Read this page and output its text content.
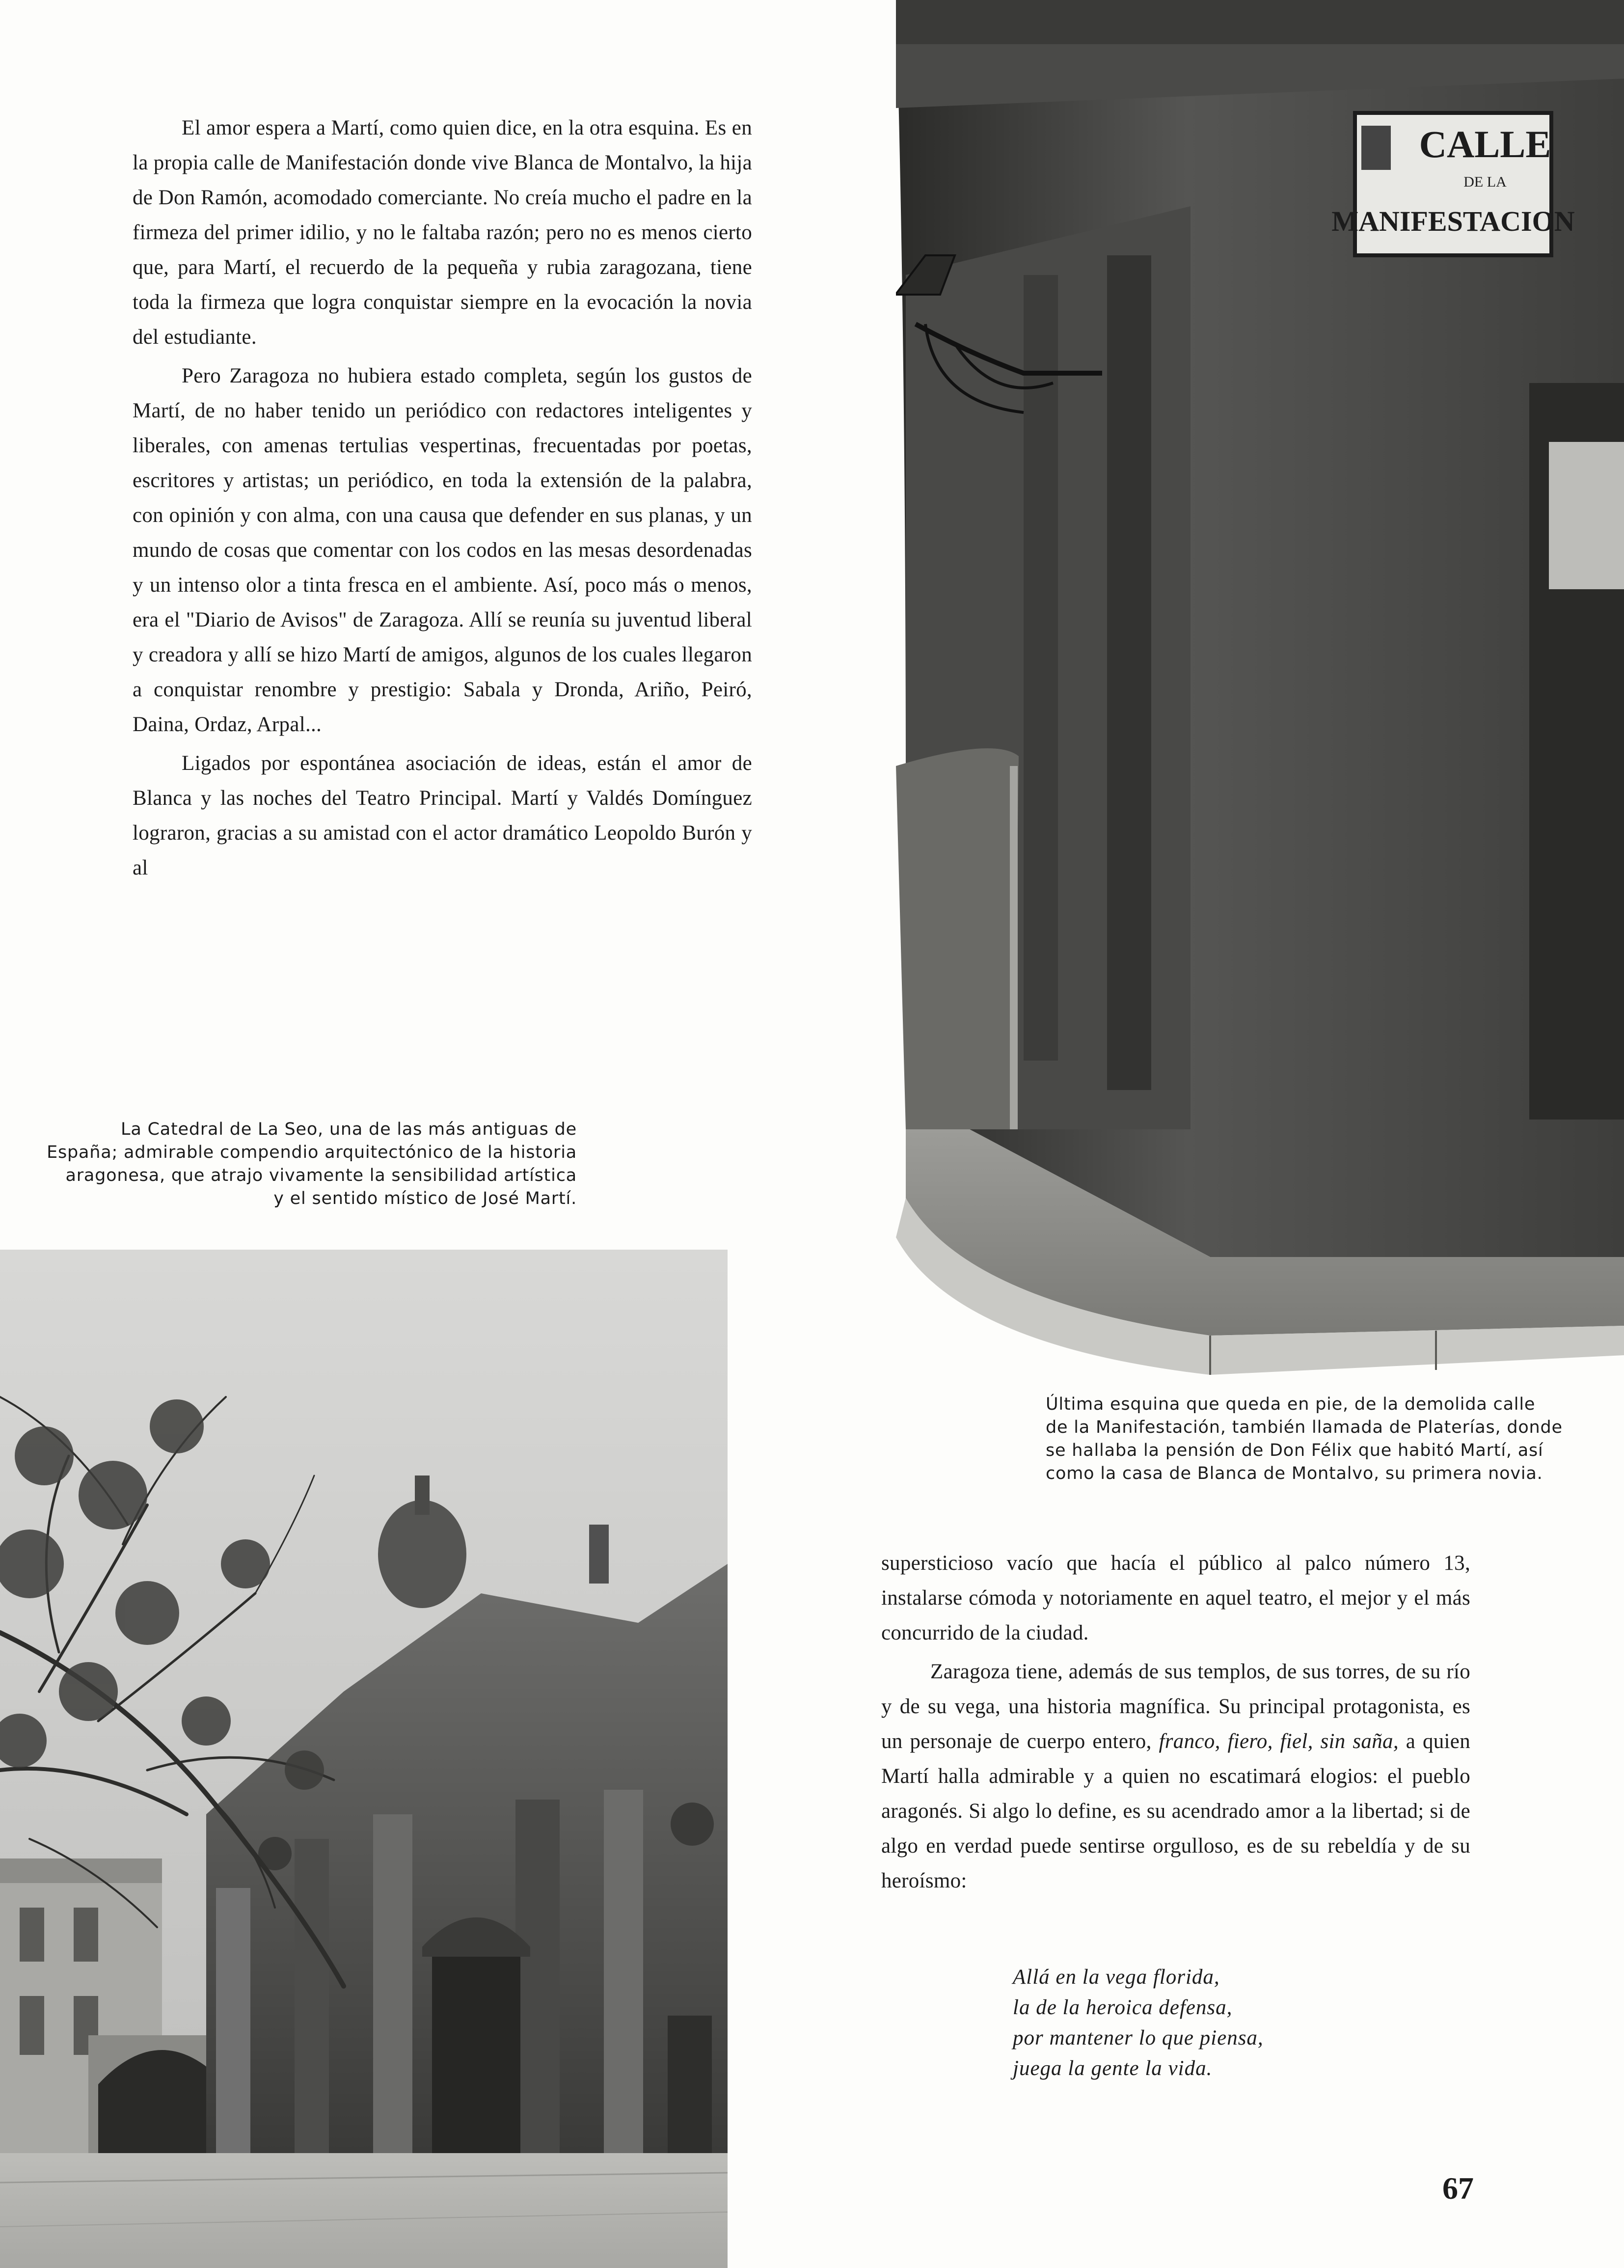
El amor espera a Martí, como quien dice, en la otra esquina. Es en la propia calle de Manifestación donde vive Blanca de Montalvo, la hija de Don Ramón, acomodado comerciante. No creía mucho el padre en la firmeza del primer idilio, y no le faltaba razón; pero no es menos cierto que, para Martí, el recuerdo de la pequeña y rubia zaragozana, tiene toda la firmeza que logra conquistar siempre en la evocación la novia del estudiante.

Pero Zaragoza no hubiera estado completa, según los gustos de Martí, de no haber tenido un periódico con redactores inteligentes y liberales, con amenas tertulias vespertinas, frecuentadas por poetas, escritores y artistas; un periódico, en toda la extensión de la palabra, con opinión y con alma, con una causa que defender en sus planas, y un mundo de cosas que comentar con los codos en las mesas desordenadas y un intenso olor a tinta fresca en el ambiente. Así, poco más o menos, era el "Diario de Avisos" de Zaragoza. Allí se reunía su juventud liberal y creadora y allí se hizo Martí de amigos, algunos de los cuales llegaron a conquistar renombre y prestigio: Sabala y Dronda, Ariño, Peiró, Daina, Ordaz, Arpal...

Ligados por espontánea asociación de ideas, están el amor de Blanca y las noches del Teatro Principal. Martí y Valdés Domínguez lograron, gracias a su amistad con el actor dramático Leopoldo Burón y al

La Catedral de La Seo, una de las más antiguas de
España; admirable compendio arquitectónico de la historia
aragonesa, que atrajo vivamente la sensibilidad artística
y el sentido místico de José Martí.
CALLE
DE LA
MANIFESTACION
Última esquina que queda en pie, de la demolida calle
de la Manifestación, también llamada de Platerías, donde
se hallaba la pensión de Don Félix que habitó Martí, así
como la casa de Blanca de Montalvo, su primera novia.

supersticioso vacío que hacía el público al palco número 13, instalarse cómoda y notoriamente en aquel teatro, el mejor y el más concurrido de la ciudad.

Zaragoza tiene, además de sus templos, de sus torres, de su río y de su vega, una historia magnífica. Su principal protagonista, es un personaje de cuerpo entero, franco, fiero, fiel, sin saña, a quien Martí halla admirable y a quien no escatimará elogios: el pueblo aragonés. Si algo lo define, es su acendrado amor a la libertad; si de algo en verdad puede sentirse orgulloso, es de su rebeldía y de su heroísmo:

Allá en la vega florida,
la de la heroica defensa,
por mantener lo que piensa,
juega la gente la vida.
67
